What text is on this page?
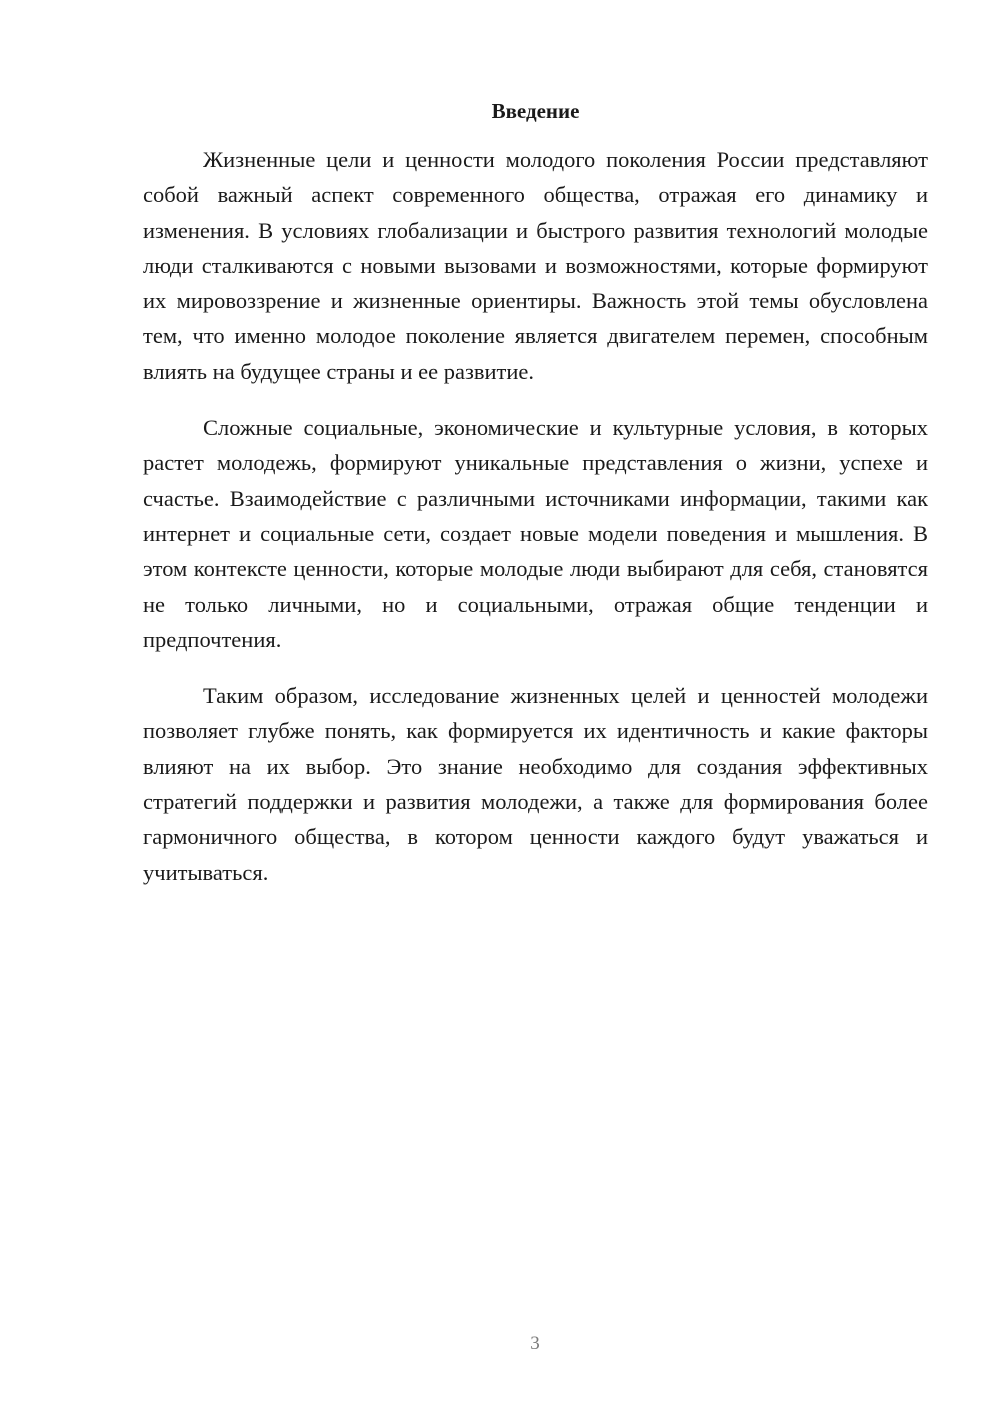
Введение

Жизненные цели и ценности молодого поколения России представляют собой важный аспект современного общества, отражая его динамику и изменения. В условиях глобализации и быстрого развития технологий молодые люди сталкиваются с новыми вызовами и возможностями, которые формируют их мировоззрение и жизненные ориентиры. Важность этой темы обусловлена тем, что именно молодое поколение является двигателем перемен, способным влиять на будущее страны и ее развитие.

Сложные социальные, экономические и культурные условия, в которых растет молодежь, формируют уникальные представления о жизни, успехе и счастье. Взаимодействие с различными источниками информации, такими как интернет и социальные сети, создает новые модели поведения и мышления. В этом контексте ценности, которые молодые люди выбирают для себя, становятся не только личными, но и социальными, отражая общие тенденции и предпочтения.

Таким образом, исследование жизненных целей и ценностей молодежи позволяет глубже понять, как формируется их идентичность и какие факторы влияют на их выбор. Это знание необходимо для создания эффективных стратегий поддержки и развития молодежи, а также для формирования более гармоничного общества, в котором ценности каждого будут уважаться и учитываться.

3
